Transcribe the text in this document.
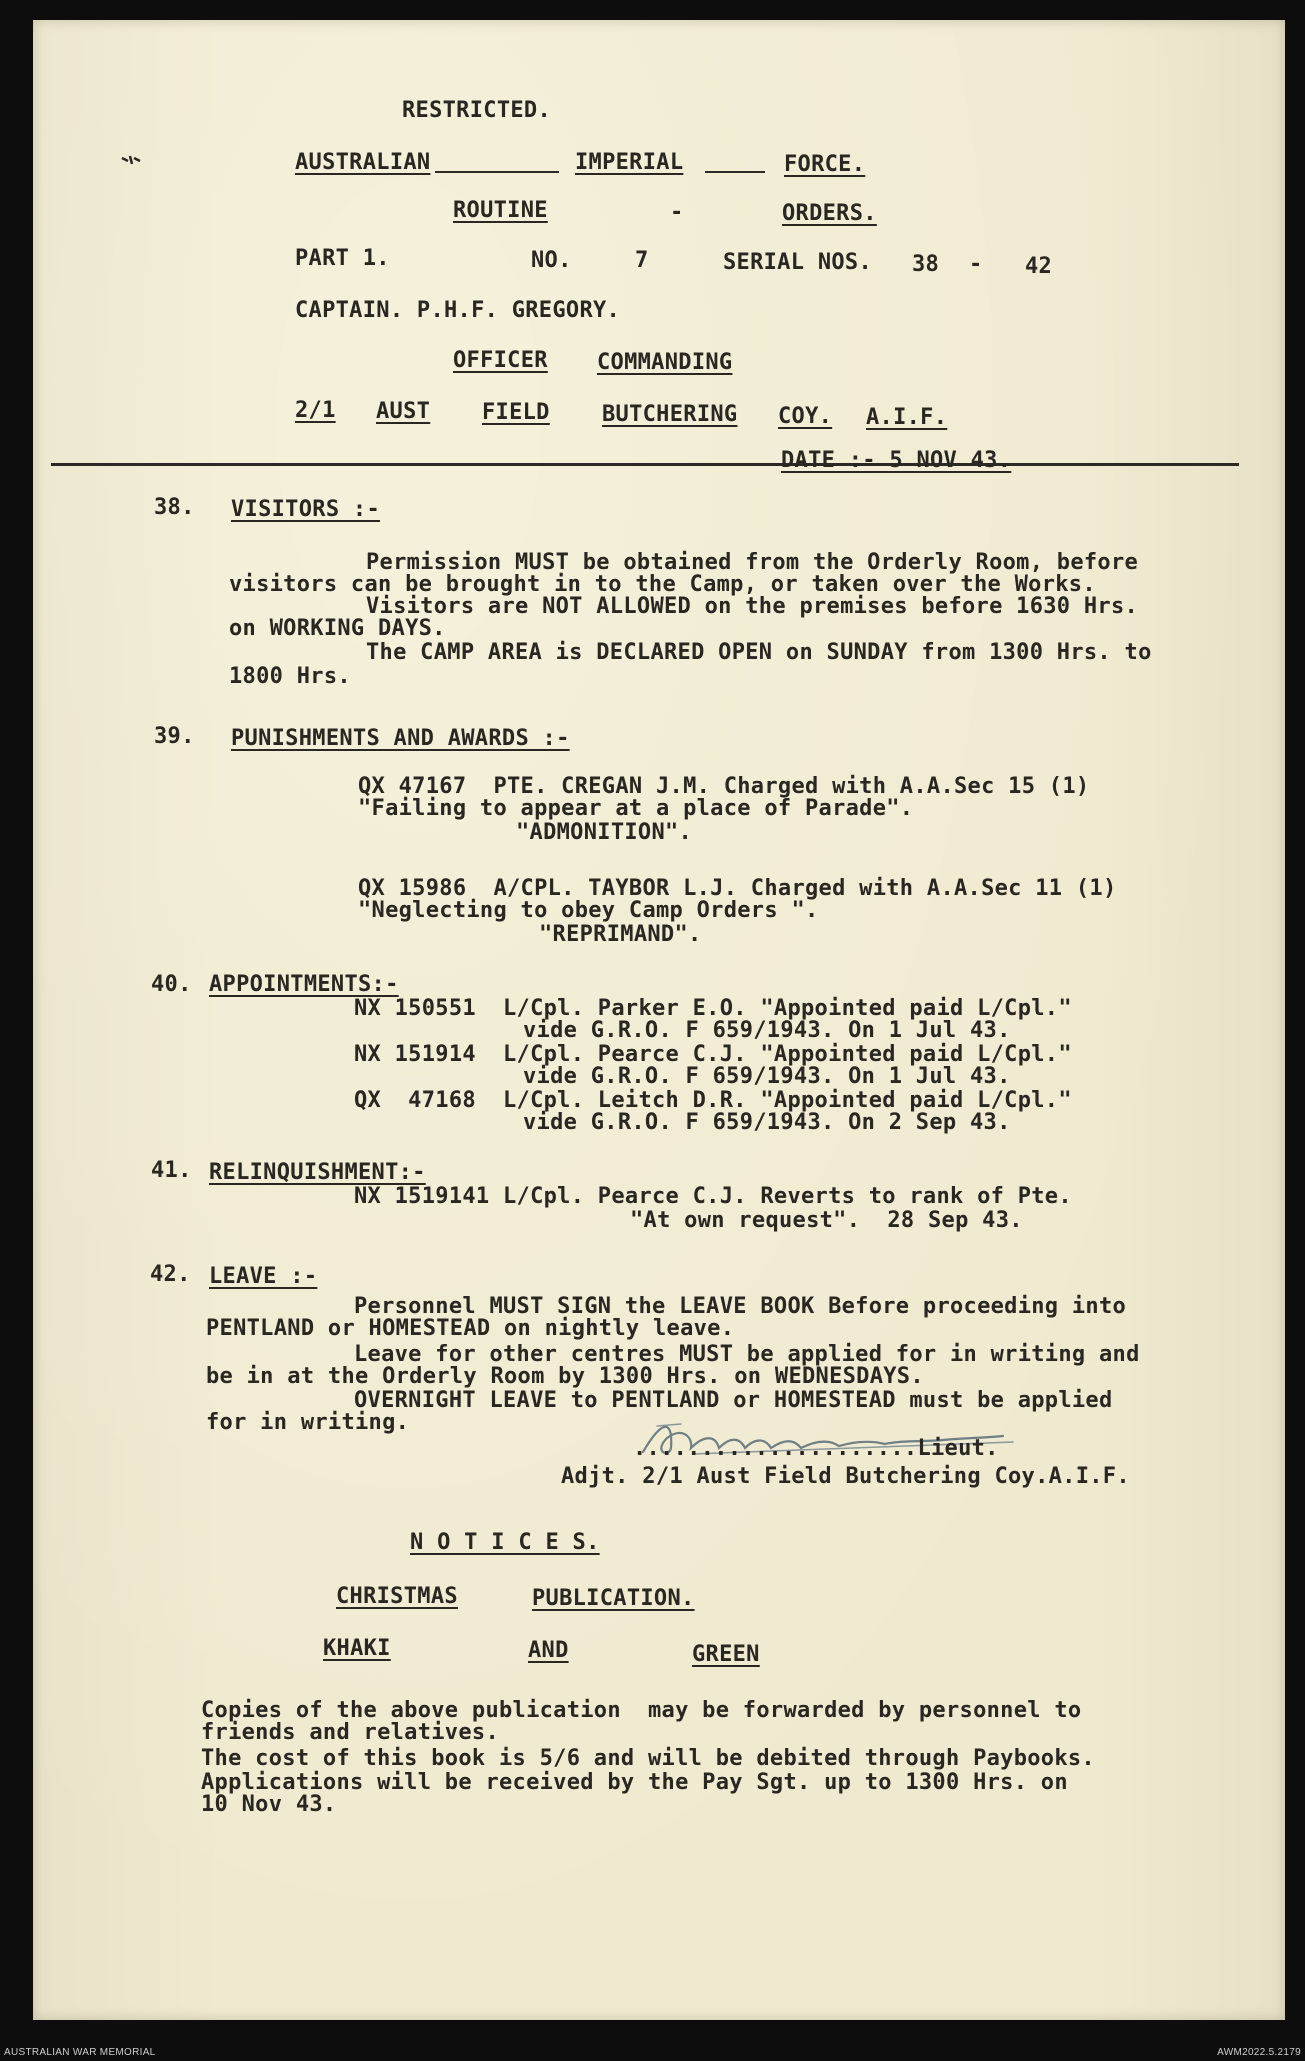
RESTRICTED.
AUSTRALIAN	IMPERIAL	FORCE.
ROUTINE	-	ORDERS.
PART 1.	NO.	7	SERIAL NOS. 38 - 42
CAPTAIN. P.H.F. GREGORY.
OFFICER COMMANDING
2/1 AUST FIELD BUTCHERING COY. A.I.F.
DATE :- 5 NOV 43.
38. VISITORS :-
Permission MUST be obtained from the Orderly Room, before
visitors can be brought in to the Camp, or taken over the Works.
Visitors are NOT ALLOWED on the premises before 1630 Hrs.
on WORKING DAYS.
The CAMP AREA is DECLARED OPEN on SUNDAY from 1300 Hrs. to
1800 Hrs.
39. PUNISHMENTS AND AWARDS :-
QX 47167  PTE. CREGAN J.M. Charged with A.A.Sec 15 (1)
"Failing to appear at a place of Parade".
"ADMONITION".
QX 15986  A/CPL. TAYBOR L.J. Charged with A.A.Sec 11 (1)
"Neglecting to obey Camp Orders ".
"REPRIMAND".
40. APPOINTMENTS:-
NX 150551  L/Cpl. Parker E.O. "Appointed paid L/Cpl."
vide G.R.O. F 659/1943. On 1 Jul 43.
NX 151914  L/Cpl. Pearce C.J. "Appointed paid L/Cpl."
vide G.R.O. F 659/1943. On 1 Jul 43.
QX  47168  L/Cpl. Leitch D.R. "Appointed paid L/Cpl."
vide G.R.O. F 659/1943. On 2 Sep 43.
41. RELINQUISHMENT:-
NX 1519141 L/Cpl. Pearce C.J. Reverts to rank of Pte.
"At own request".  28 Sep 43.
42. LEAVE :-
Personnel MUST SIGN the LEAVE BOOK Before proceeding into
PENTLAND or HOMESTEAD on nightly leave.
Leave for other centres MUST be applied for in writing and
be in at the Orderly Room by 1300 Hrs. on WEDNESDAYS.
OVERNIGHT LEAVE to PENTLAND or HOMESTEAD must be applied
for in writing.
.....................Lieut.
Adjt. 2/1 Aust Field Butchering Coy.A.I.F.
N O T I C E S.
CHRISTMAS	PUBLICATION.
KHAKI	AND	GREEN
Copies of the above publication  may be forwarded by personnel to
friends and relatives.
The cost of this book is 5/6 and will be debited through Paybooks.
Applications will be received by the Pay Sgt. up to 1300 Hrs. on
10 Nov 43.
AUSTRALIAN WAR MEMORIAL	AWM2022.5.2179
